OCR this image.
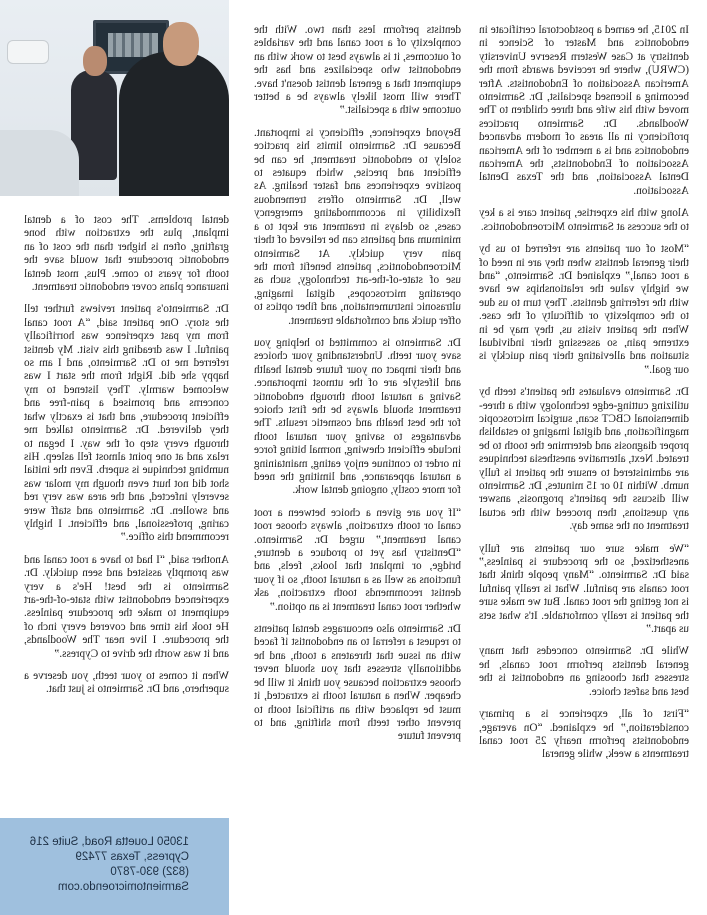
In 2015, he earned a postdoctoral certificate in endodontics and Master of Science in dentistry at Case Western Reserve University (CWRU), where he received awards from the American Association of Endodontists. After becoming a licensed specialist, Dr. Sarmiento moved with his wife and three children to The Woodlands. Dr. Sarmiento practices proficiency in all areas of modern advanced endodontics and is a member of the American Association of Endodontists, the American Dental Association, and the Texas Dental Association.

Along with his expertise, patient care is a key to the success at Sarmiento Microendodontics.

“Most of our patients are referred to us by their general dentists when they are in need of a root canal,” explained Dr. Sarmiento, “and we highly value the relationships we have with the referring dentists. They turn to us due to the complexity or difficulty of the case. When the patient visits us, they may be in extreme pain, so assessing their individual situation and alleviating their pain quickly is our goal.”

Dr. Sarmiento evaluates the patient's teeth by utilizing cutting-edge technology with a three-dimensional CBCT scan, surgical microscopic magnification, and digital imaging to establish proper diagnosis and determine the tooth to be treated. Next, alternative anesthesia techniques are administered to ensure the patient is fully numb. Within 10 or 15 minutes, Dr. Sarmiento will discuss the patient's prognosis, answer any questions, then proceed with the actual treatment on the same day.

“We make sure our patients are fully anesthetized, so the procedure is painless,” said Dr. Sarmiento. “Many people think that root canals are painful. What is really painful is not getting the root canal. But we make sure the patient is really comfortable. It's what sets us apart.”

While Dr. Sarmiento concedes that many general dentists perform root canals, he stresses that choosing an endodontist is the best and safest choice.

“First of all, experience is a primary consideration,” he explained. “On average, endodontists perform nearly 25 root canal treatments a week, while general

dentists perform less than two. With the complexity of a root canal and the variables of outcomes, it is always best to work with an endodontist who specializes and has the equipment that a general dentist doesn't have. There will most likely always be a better outcome with a specialist.”

Beyond experience, efficiency is important. Because Dr. Sarmiento limits his practice solely to endodontic treatment, he can be efficient and precise, which equates to positive experiences and faster healing. As well, Dr. Sarmiento offers tremendous flexibility in accommodating emergency cases, so delays in treatment are kept to a minimum and patients can be relieved of their pain very quickly. At Sarmiento Microendodontics, patients benefit from the use of state-of-the-art technology, such as operating microscopes, digital imaging, ultrasonic instrumentation, and fiber optics to offer quick and comfortable treatment.

Dr. Sarmiento is committed to helping you save your teeth. Understanding your choices and their impact on your future dental health and lifestyle are of the utmost importance. Saving a natural tooth through endodontic treatment should always be the first choice for the best health and cosmetic results. The advantages to saving your natural tooth include efficient chewing, normal biting force in order to continue enjoy eating, maintaining a natural appearance, and limiting the need for more costly, ongoing dental work.

“If you are given a choice between a root canal or tooth extraction, always choose root canal treatment,” urged Dr. Sarmiento. “Dentistry has yet to produce a denture, bridge, or implant that looks, feels, and functions as well as a natural tooth, so if your dentist recommends tooth extraction, ask whether root canal treatment is an option.”

Dr. Sarmiento also encourages dental patients to request a referral to an endodontist if faced with an issue that threatens a tooth, and he additionally stresses that you should never choose extraction because you think it will be cheaper. When a natural tooth is extracted, it must be replaced with an artificial tooth to prevent other teeth from shifting, and to prevent future

dental problems. The cost of a dental implant, plus the extraction with bone grafting, often is higher than the cost of an endodontic procedure that would save the tooth for years to come. Plus, most dental insurance plans cover endodontic treatment.

Dr. Sarmiento's patient reviews further tell the story. One patient said, “A root canal from my past experience was horrifically painful. I was dreading this visit. My dentist referred me to Dr. Sarmiento, and I am so happy she did. Right from the start I was welcomed warmly. They listened to my concerns and promised a pain-free and efficient procedure, and that is exactly what they delivered. Dr. Sarmiento talked me through every step of the way. I began to relax and at one point almost fell asleep. His numbing technique is superb. Even the initial shot did not hurt even though my molar was severely infected, and the area was very red and swollen. Dr. Sarmiento and staff were caring, professional, and efficient. I highly recommend this office.”

Another said, “I had to have a root canal and was promptly assisted and seen quickly. Dr. Sarmiento is the best! He's a very experienced endodontist with state-of-the-art equipment to make the procedure painless. He took his time and covered every inch of the procedure. I live near The Woodlands, and it was worth the drive to Cypress.”

When it comes to your teeth, you deserve a superhero, and Dr. Sarmiento is just that.

13050 Louetta Road, Suite 216
Cypress, Texas 77429
(832) 930-7870
Sarmientomicroendo.com
